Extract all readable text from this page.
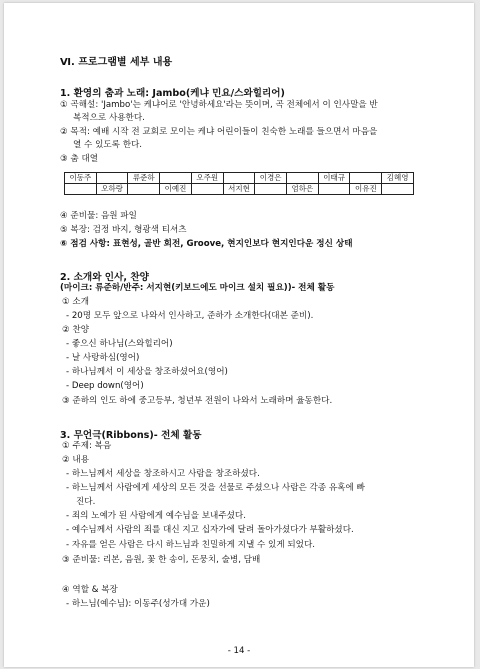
Ⅵ. 프로그램별 세부 내용
1. 환영의 춤과 노래: Jambo(케냐 민요/스와힐리어)
① 곡해설: 'Jambo'는 케냐어로 '안녕하세요'라는 뜻이며, 곡 전체에서 이 인사말을 반
복적으로 사용한다.
② 목적: 예배 시작 전 교회로 모이는 케냐 어린이들이 친숙한 노래를 들으면서 마음을
열 수 있도록 한다.
③ 춤 대열
이동주		류준하		오주원		이경은		이태규		김혜영
	오하랑		이예진		서지현		엄하은		이유진	
④ 준비물: 음원 파일
⑤ 복장: 검정 바지, 형광색 티셔츠
⑥ 점검 사항: 표현성, 골반 회전, Groove, 현지인보다 현지인다운 정신 상태
2. 소개와 인사, 찬양
(마이크: 류준하/반주: 서지현(키보드에도 마이크 설치 필요))- 전체 활동
① 소개
- 20명 모두 앞으로 나와서 인사하고, 준하가 소개한다(대본 준비).
② 찬양
- 좋으신 하나님(스와힐리어)
- 날 사랑하심(영어)
- 하나님께서 이 세상을 창조하셨어요(영어)
- Deep down(영어)
③ 준하의 인도 하에 중고등부, 청년부 전원이 나와서 노래하며 율동한다.
3. 무언극(Ribbons)- 전체 활동
① 주제: 복음
② 내용
- 하느님께서 세상을 창조하시고 사람을 창조하셨다.
- 하느님께서 사람에게 세상의 모든 것을 선물로 주셨으나 사람은 각종 유혹에 빠
진다.
- 죄의 노예가 된 사람에게 예수님을 보내주셨다.
- 예수님께서 사람의 죄를 대신 지고 십자가에 달려 돌아가셨다가 부활하셨다.
- 자유를 얻은 사람은 다시 하느님과 친밀하게 지낼 수 있게 되었다.
③ 준비물: 리본, 음원, 꽃 한 송이, 돈뭉치, 술병, 담배
④ 역할 & 복장
- 하느님(예수님): 이동주(성가대 가운)
- 14 -
